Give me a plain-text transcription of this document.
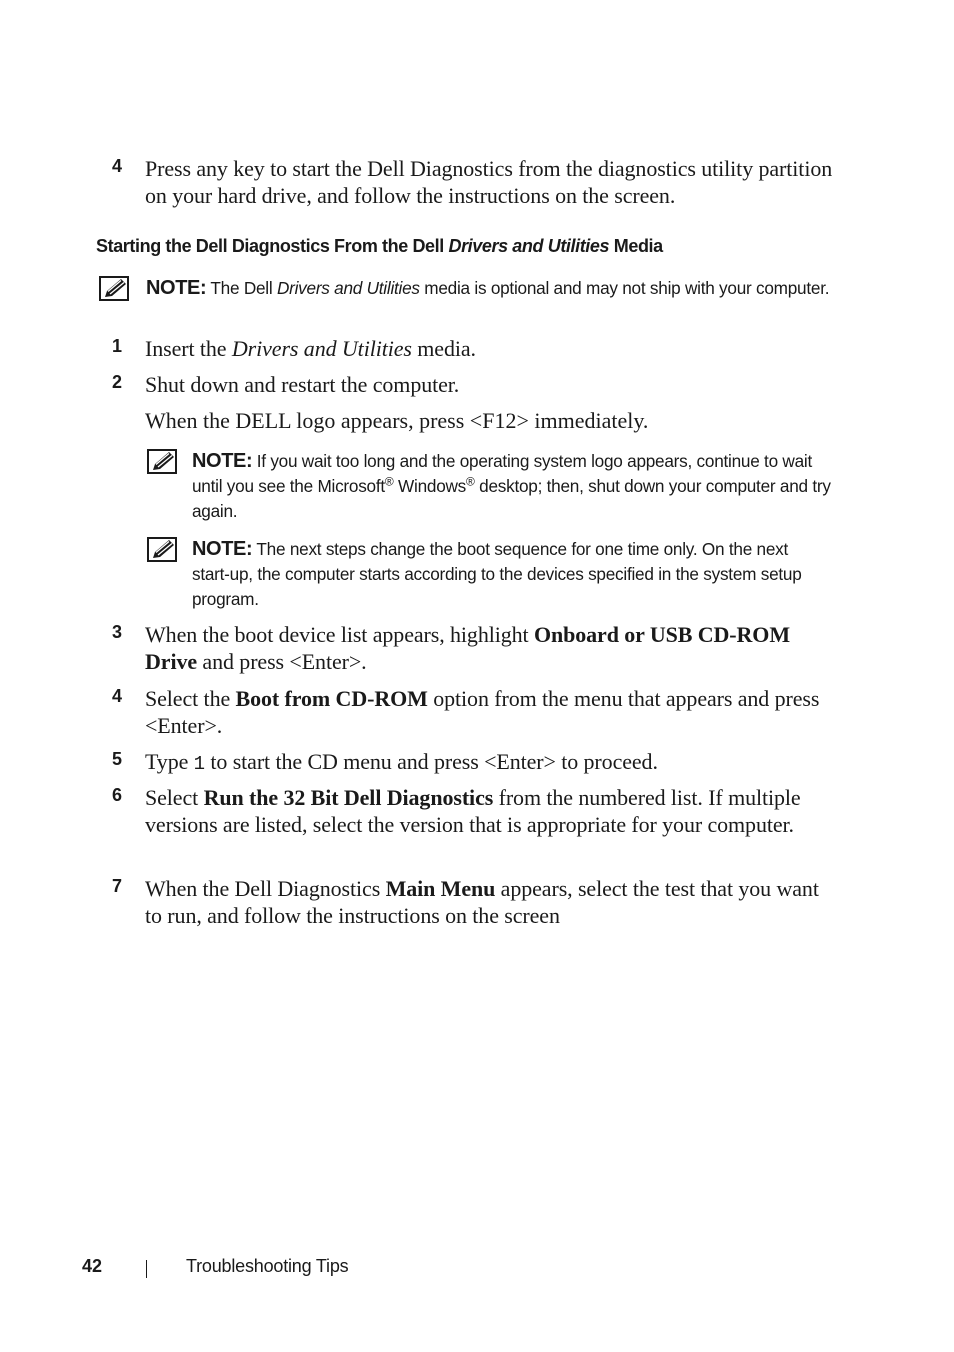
4 Press any key to start the Dell Diagnostics from the diagnostics utility partition on your hard drive, and follow the instructions on the screen.
Starting the Dell Diagnostics From the Dell Drivers and Utilities Media
NOTE: The Dell Drivers and Utilities media is optional and may not ship with your computer.
1 Insert the Drivers and Utilities media.
2 Shut down and restart the computer.
When the DELL logo appears, press <F12> immediately.
NOTE: If you wait too long and the operating system logo appears, continue to wait until you see the Microsoft® Windows® desktop; then, shut down your computer and try again.
NOTE: The next steps change the boot sequence for one time only. On the next start-up, the computer starts according to the devices specified in the system setup program.
3 When the boot device list appears, highlight Onboard or USB CD-ROM Drive and press <Enter>.
4 Select the Boot from CD-ROM option from the menu that appears and press <Enter>.
5 Type 1 to start the CD menu and press <Enter> to proceed.
6 Select Run the 32 Bit Dell Diagnostics from the numbered list. If multiple versions are listed, select the version that is appropriate for your computer.
7 When the Dell Diagnostics Main Menu appears, select the test that you want to run, and follow the instructions on the screen
42	Troubleshooting Tips
